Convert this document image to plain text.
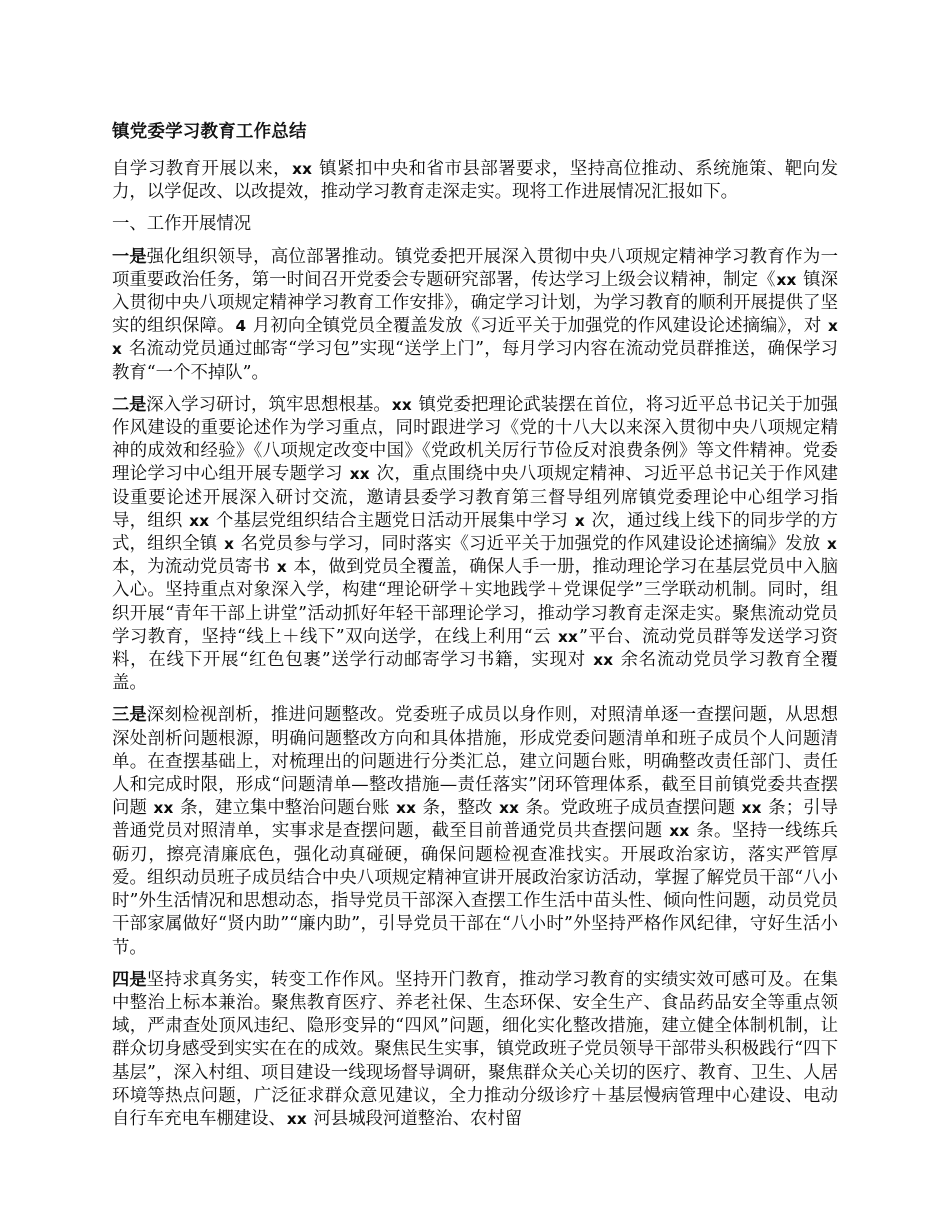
镇党委学习教育工作总结

自学习教育开展以来，xx 镇紧扣中央和省市县部署要求，坚持高位推动、系统施策、靶向发力，以学促改、以改提效，推动学习教育走深走实。现将工作进展情况汇报如下。

一、工作开展情况

一是强化组织领导，高位部署推动。镇党委把开展深入贯彻中央八项规定精神学习教育作为一项重要政治任务，第一时间召开党委会专题研究部署，传达学习上级会议精神，制定《xx 镇深入贯彻中央八项规定精神学习教育工作安排》，确定学习计划，为学习教育的顺利开展提供了坚实的组织保障。4 月初向全镇党员全覆盖发放《习近平关于加强党的作风建设论述摘编》，对 xx 名流动党员通过邮寄“学习包”实现“送学上门”，每月学习内容在流动党员群推送，确保学习教育“一个不掉队”。

二是深入学习研讨，筑牢思想根基。xx 镇党委把理论武装摆在首位，将习近平总书记关于加强作风建设的重要论述作为学习重点，同时跟进学习《党的十八大以来深入贯彻中央八项规定精神的成效和经验》《八项规定改变中国》《党政机关厉行节俭反对浪费条例》等文件精神。党委理论学习中心组开展专题学习 xx 次，重点围绕中央八项规定精神、习近平总书记关于作风建设重要论述开展深入研讨交流，邀请县委学习教育第三督导组列席镇党委理论中心组学习指导，组织 xx 个基层党组织结合主题党日活动开展集中学习 x 次，通过线上线下的同步学的方式，组织全镇 x 名党员参与学习，同时落实《习近平关于加强党的作风建设论述摘编》发放 x 本，为流动党员寄书 x 本，做到党员全覆盖，确保人手一册，推动理论学习在基层党员中入脑入心。坚持重点对象深入学，构建“理论研学＋实地践学＋党课促学”三学联动机制。同时，组织开展“青年干部上讲堂”活动抓好年轻干部理论学习，推动学习教育走深走实。聚焦流动党员学习教育，坚持“线上＋线下”双向送学，在线上利用“云 xx”平台、流动党员群等发送学习资料，在线下开展“红色包裹”送学行动邮寄学习书籍，实现对 xx 余名流动党员学习教育全覆盖。

三是深刻检视剖析，推进问题整改。党委班子成员以身作则，对照清单逐一查摆问题，从思想深处剖析问题根源，明确问题整改方向和具体措施，形成党委问题清单和班子成员个人问题清单。在查摆基础上，对梳理出的问题进行分类汇总，建立问题台账，明确整改责任部门、责任人和完成时限，形成“问题清单—整改措施—责任落实”闭环管理体系，截至目前镇党委共查摆问题 xx 条，建立集中整治问题台账 xx 条，整改 xx 条。党政班子成员查摆问题 xx 条；引导普通党员对照清单，实事求是查摆问题，截至目前普通党员共查摆问题 xx 条。坚持一线练兵砺刃，擦亮清廉底色，强化动真碰硬，确保问题检视查准找实。开展政治家访，落实严管厚爱。组织动员班子成员结合中央八项规定精神宣讲开展政治家访活动，掌握了解党员干部“八小时”外生活情况和思想动态，指导党员干部深入查摆工作生活中苗头性、倾向性问题，动员党员干部家属做好“贤内助”“廉内助”，引导党员干部在“八小时”外坚持严格作风纪律，守好生活小节。

四是坚持求真务实，转变工作作风。坚持开门教育，推动学习教育的实绩实效可感可及。在集中整治上标本兼治。聚焦教育医疗、养老社保、生态环保、安全生产、食品药品安全等重点领域，严肃查处顶风违纪、隐形变异的“四风”问题，细化实化整改措施，建立健全体制机制，让群众切身感受到实实在在的成效。聚焦民生实事，镇党政班子党员领导干部带头积极践行“四下基层”，深入村组、项目建设一线现场督导调研，聚焦群众关心关切的医疗、教育、卫生、人居环境等热点问题，广泛征求群众意见建议，全力推动分级诊疗＋基层慢病管理中心建设、电动自行车充电车棚建设、xx 河县城段河道整治、农村留
